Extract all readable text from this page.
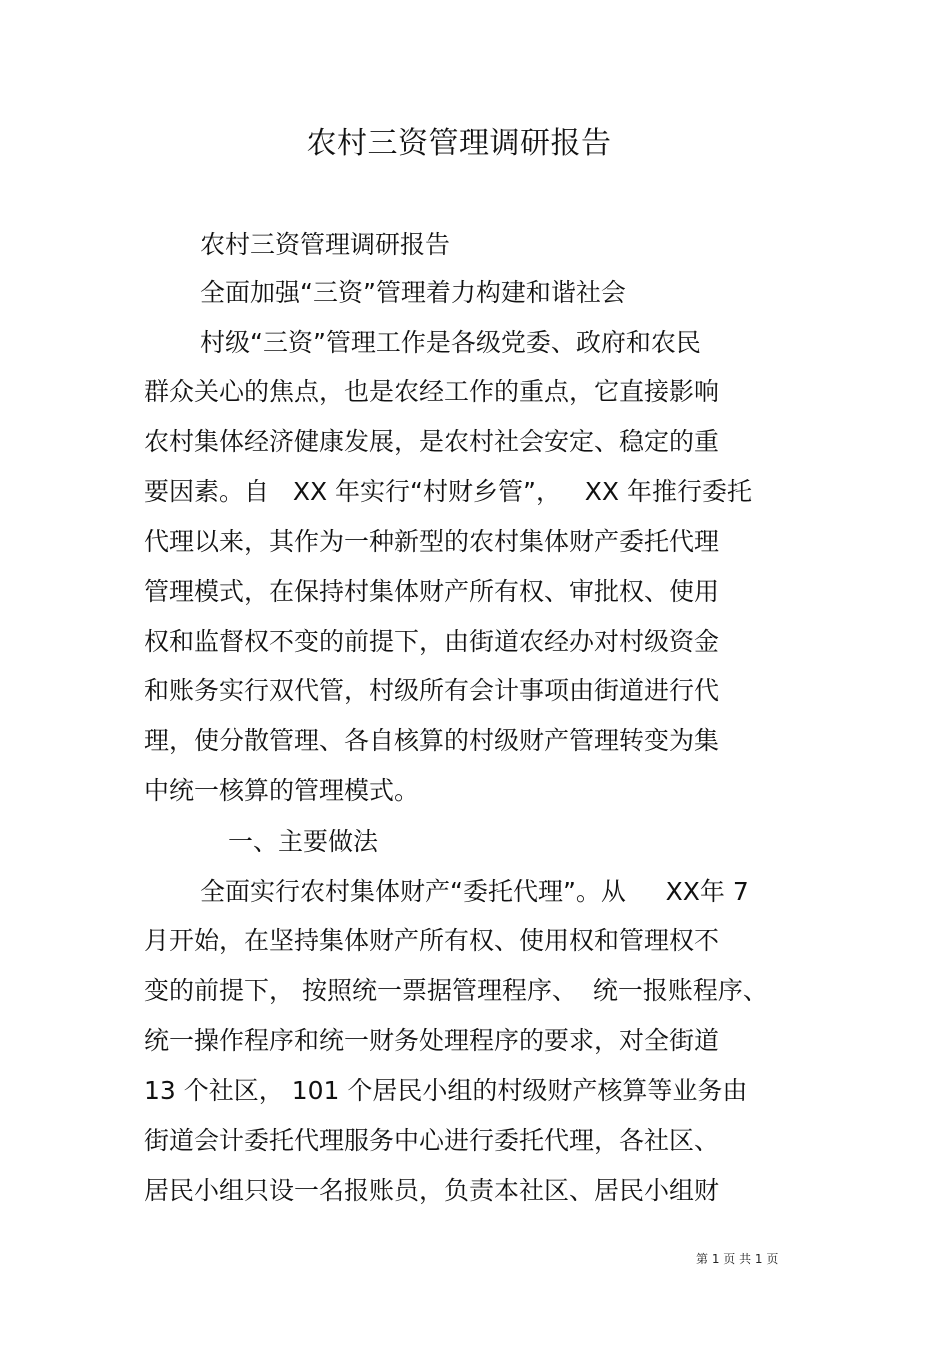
农村三资管理调研报告
农村三资管理调研报告
全面加强“三资”管理着力构建和谐社会
村级“三资”管理工作是各级党委、政府和农民
群众关心的焦点，也是农经工作的重点，它直接影响
农村集体经济健康发展，是农村社会安定、稳定的重
要因素。自   XX 年实行“村财乡管”，   XX 年推行委托
代理以来，其作为一种新型的农村集体财产委托代理
管理模式，在保持村集体财产所有权、审批权、使用
权和监督权不变的前提下，由街道农经办对村级资金
和账务实行双代管，村级所有会计事项由街道进行代
理，使分散管理、各自核算的村级财产管理转变为集
中统一核算的管理模式。
一、主要做法
全面实行农村集体财产“委托代理”。从     XX年 7
月开始，在坚持集体财产所有权、使用权和管理权不
变的前提下， 按照统一票据管理程序、  统一报账程序、
统一操作程序和统一财务处理程序的要求，对全街道
13 个社区， 101 个居民小组的村级财产核算等业务由
街道会计委托代理服务中心进行委托代理，各社区、
居民小组只设一名报账员，负责本社区、居民小组财
第 1 页 共 1 页
